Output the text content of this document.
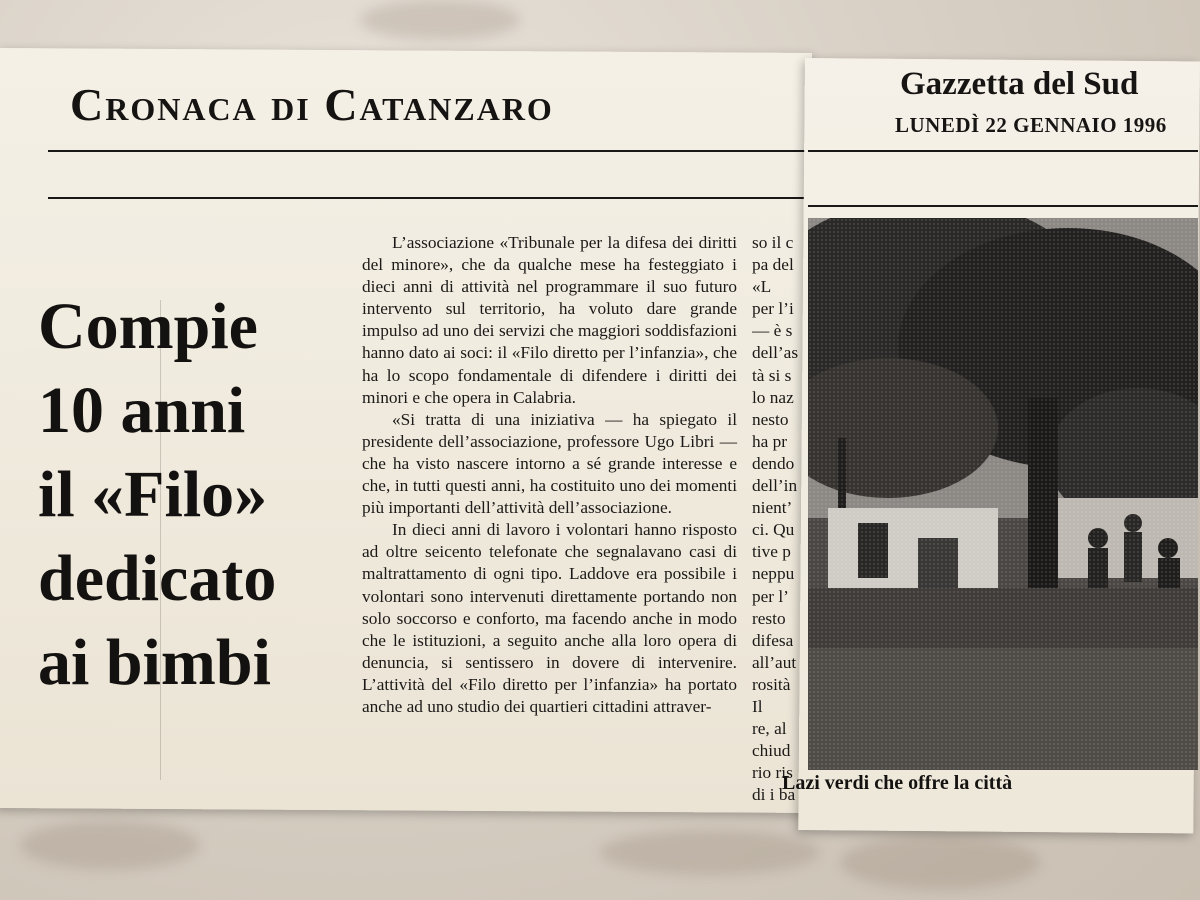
Cronaca di Catanzaro
Compie
10 anni
il «Filo»
dedicato
ai bimbi

L’associazione «Tribunale per la difesa dei diritti del minore», che da qualche mese ha festeggiato i dieci anni di attività nel programmare il suo futuro intervento sul territorio, ha voluto dare grande impulso ad uno dei servizi che maggiori soddisfazioni hanno dato ai soci: il «Filo diretto per l’infanzia», che ha lo scopo fondamentale di difendere i diritti dei minori e che opera in Calabria.

«Si tratta di una iniziativa — ha spiegato il presidente dell’associazione, professore Ugo Libri — che ha visto nascere intorno a sé grande interesse e che, in tutti questi anni, ha costituito uno dei momenti più importanti dell’attività dell’associazione.

In dieci anni di lavoro i volontari hanno risposto ad oltre seicento telefonate che segnalavano casi di maltrattamento di ogni tipo. Laddove era possibile i volontari sono intervenuti direttamente portando non solo soccorso e conforto, ma facendo anche in modo che le istituzioni, a seguito anche alla loro opera di denuncia, si sentissero in dovere di intervenire. L’attività del «Filo diretto per l’infanzia» ha portato anche ad uno studio dei quartieri cittadini attraver-

so il c
pa del
«L
per l’i
— è s
dell’as
tà si s
lo naz
nesto
ha pr
dendo
dell’in
nient’
ci. Qu
tive p
neppu
per l’
resto
difesa
all’aut
rosità
Il
re, al
chiud
rio ris
di i ba
Gazzetta del Sud
LUNEDÌ 22 GENNAIO 1996
Lazi verdi che offre la città
